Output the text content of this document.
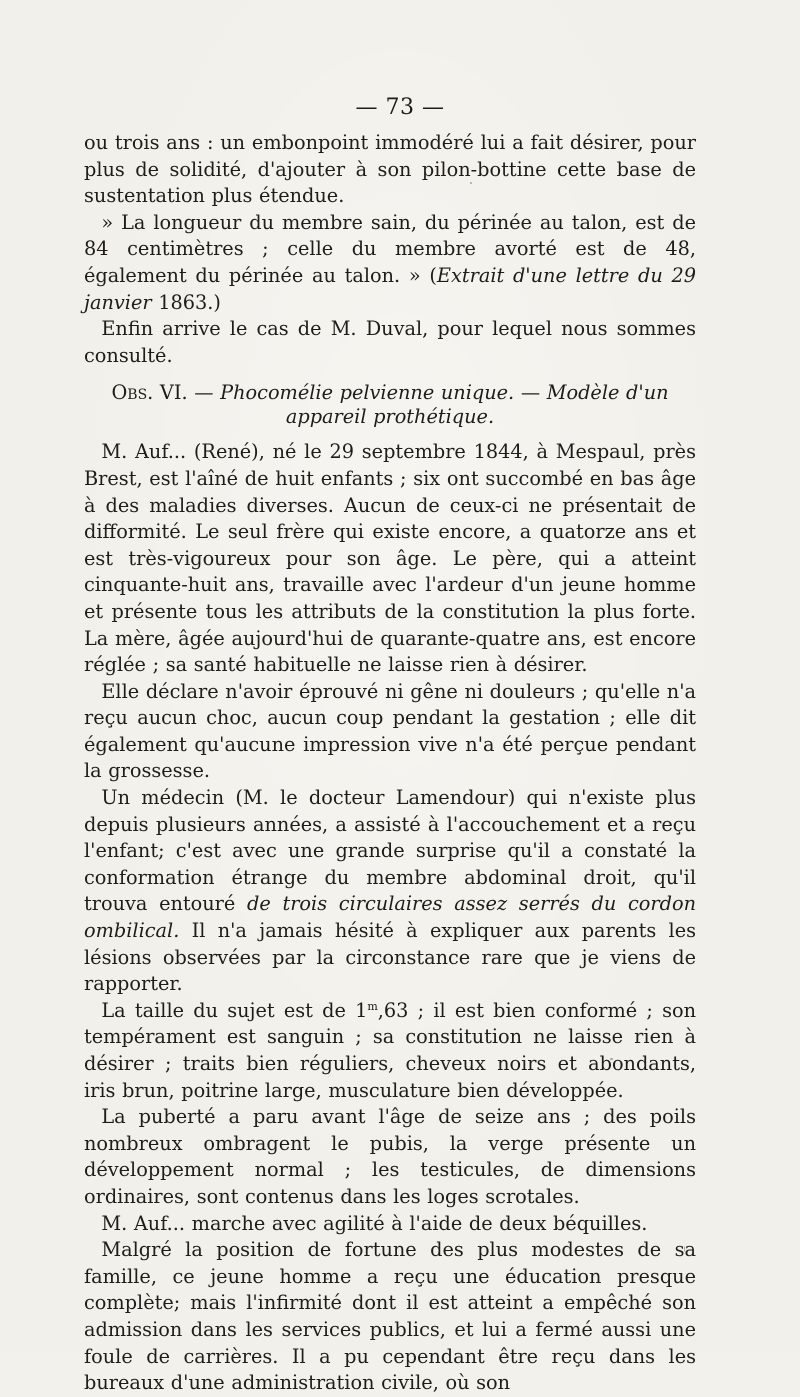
— 73 —

ou trois ans : un embonpoint immodéré lui a fait désirer, pour plus de solidité, d'ajouter à son pilon-bottine cette base de sustentation plus étendue.

» La longueur du membre sain, du périnée au talon, est de 84 centimètres ; celle du membre avorté est de 48, également du périnée au talon. » (Extrait d'une lettre du 29 janvier 1863.)

Enfin arrive le cas de M. Duval, pour lequel nous sommes consulté.

Obs. VI. — Phocomélie pelvienne unique. — Modèle d'un appareil prothétique.

M. Auf... (René), né le 29 septembre 1844, à Mespaul, près Brest, est l'aîné de huit enfants ; six ont succombé en bas âge à des maladies diverses. Aucun de ceux-ci ne présentait de difformité. Le seul frère qui existe encore, a quatorze ans et est très-vigoureux pour son âge. Le père, qui a atteint cinquante-huit ans, travaille avec l'ardeur d'un jeune homme et présente tous les attributs de la constitution la plus forte. La mère, âgée aujourd'hui de quarante-quatre ans, est encore réglée ; sa santé habituelle ne laisse rien à désirer.

Elle déclare n'avoir éprouvé ni gêne ni douleurs ; qu'elle n'a reçu aucun choc, aucun coup pendant la gestation ; elle dit également qu'aucune impression vive n'a été perçue pendant la grossesse.

Un médecin (M. le docteur Lamendour) qui n'existe plus depuis plusieurs années, a assisté à l'accouchement et a reçu l'enfant; c'est avec une grande surprise qu'il a constaté la conformation étrange du membre abdominal droit, qu'il trouva entouré de trois circulaires assez serrés du cordon ombilical. Il n'a jamais hésité à expliquer aux parents les lésions observées par la circonstance rare que je viens de rapporter.

La taille du sujet est de 1$^m$,63 ; il est bien conformé ; son tempérament est sanguin ; sa constitution ne laisse rien à désirer ; traits bien réguliers, cheveux noirs et abondants, iris brun, poitrine large, musculature bien développée.

La puberté a paru avant l'âge de seize ans ; des poils nombreux ombragent le pubis, la verge présente un développement normal ; les testicules, de dimensions ordinaires, sont contenus dans les loges scrotales.

M. Auf... marche avec agilité à l'aide de deux béquilles.

Malgré la position de fortune des plus modestes de sa famille, ce jeune homme a reçu une éducation presque complète; mais l'infirmité dont il est atteint a empêché son admission dans les services publics, et lui a fermé aussi une foule de carrières. Il a pu cependant être reçu dans les bureaux d'une administration civile, où son
